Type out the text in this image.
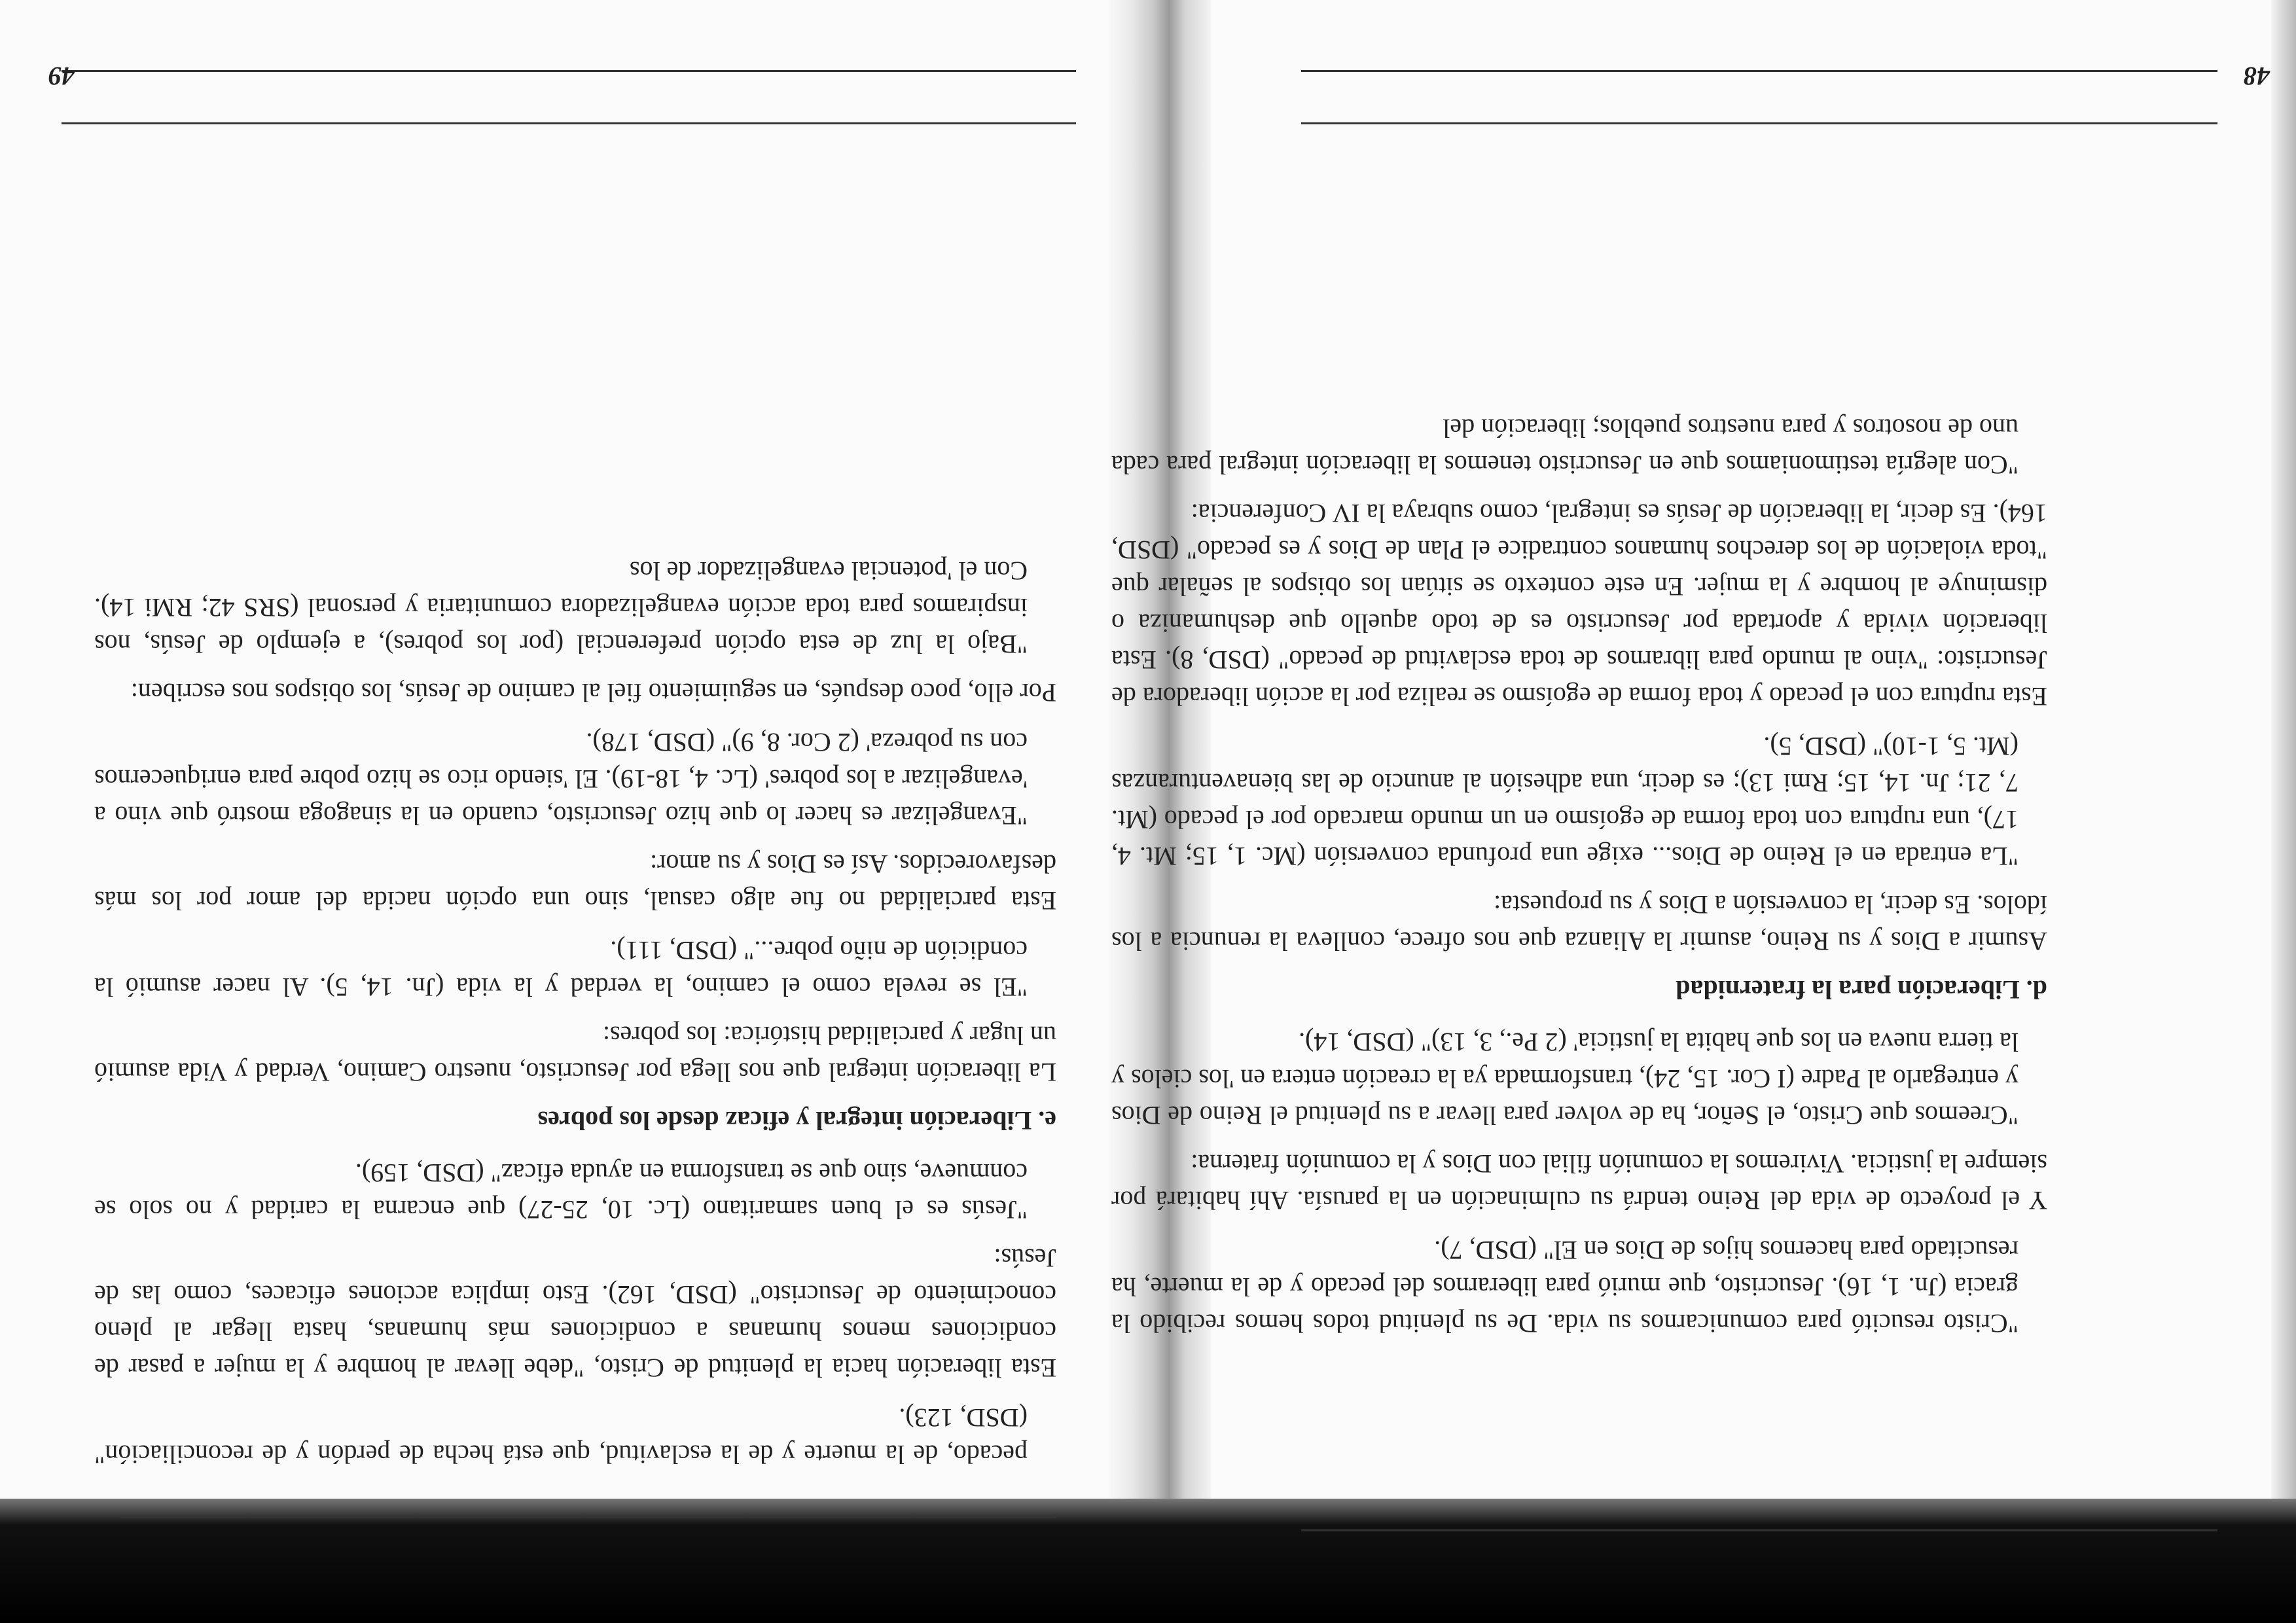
49

pecado, de la muerte y de la esclavitud, que está hecha de perdón y de reconciliación" (DSD, 123).

Esta liberación hacia la plenitud de Cristo, "debe llevar al hombre y la mujer a pasar de condiciones menos humanas a condiciones más humanas, hasta llegar al pleno conocimiento de Jesucristo" (DSD, 162). Esto implica acciones eficaces, como las de Jesús:

"Jesús es el buen samaritano (Lc. 10, 25-27) que encarna la caridad y no solo se conmueve, sino que se transforma en ayuda eficaz" (DSD, 159).

e. Liberación integral y eficaz desde los pobres

La liberación integral que nos llega por Jesucristo, nuestro Camino, Verdad y Vida asumió un lugar y parcialidad histórica: los pobres:

"El se revela como el camino, la verdad y la vida (Jn. 14, 5). Al nacer asumió la condición de niño pobre..." (DSD, 111).

Esta parcialidad no fue algo casual, sino una opción nacida del amor por los más desfavorecidos. Así es Dios y su amor:

"Evangelizar es hacer lo que hizo Jesucristo, cuando en la sinagoga mostró que vino a 'evangelizar a los pobres' (Lc. 4, 18-19). El 'siendo rico se hizo pobre para enriquecernos con su pobreza' (2 Cor. 8, 9)" (DSD, 178).

Por ello, poco después, en seguimiento fiel al camino de Jesús, los obispos nos escriben:

"Bajo la luz de esta opción preferencial (por los pobres), a ejemplo de Jesús, nos inspiramos para toda acción evangelizadora comunitaria y personal (SRS 42; RMi 14). Con el 'potencial evangelizador de los

48

"Cristo resucitó para comunicarnos su vida. De su plenitud todos hemos recibido la gracia (Jn. 1, 16). Jesucristo, que murió para liberarnos del pecado y de la muerte, ha resucitado para hacernos hijos de Dios en El" (DSD, 7).

Y el proyecto de vida del Reino tendrá su culminación en la parusía. Ahí habitará por siempre la justicia. Viviremos la comunión filial con Dios y la comunión fraterna:

"Creemos que Cristo, el Señor, ha de volver para llevar a su plenitud el Reino de Dios y entregarlo al Padre (I Cor. 15, 24), transformada ya la creación entera en 'los cielos y la tierra nueva en los que habita la justicia' (2 Pe., 3, 13)" (DSD, 14).

d. Liberación para la fraternidad

Asumir a Dios y su Reino, asumir la Alianza que nos ofrece, conlleva la renuncia a los ídolos. Es decir, la conversión a Dios y su propuesta:

"La entrada en el Reino de Dios... exige una profunda conversión (Mc. 1, 15; Mt. 4, 17), una ruptura con toda forma de egoísmo en un mundo marcado por el pecado (Mt. 7, 21; Jn. 14, 15; Rmi 13); es decir, una adhesión al anuncio de las bienaventuranzas (Mt. 5, 1-10)" (DSD, 5).

Esta ruptura con el pecado y toda forma de egoísmo se realiza por la acción liberadora de Jesucristo: "vino al mundo para librarnos de toda esclavitud de pecado" (DSD, 8). Esta liberación vivida y aportada por Jesucristo es de todo aquello que deshumaniza o disminuye al hombre y la mujer. En este contexto se sitúan los obispos al señalar que "toda violación de los derechos humanos contradice el Plan de Dios y es pecado" (DSD, 164). Es decir, la liberación de Jesús es integral, como subraya la IV Conferencia:

"Con alegría testimoniamos que en Jesucristo tenemos la liberación integral para cada uno de nosotros y para nuestros pueblos; liberación del
